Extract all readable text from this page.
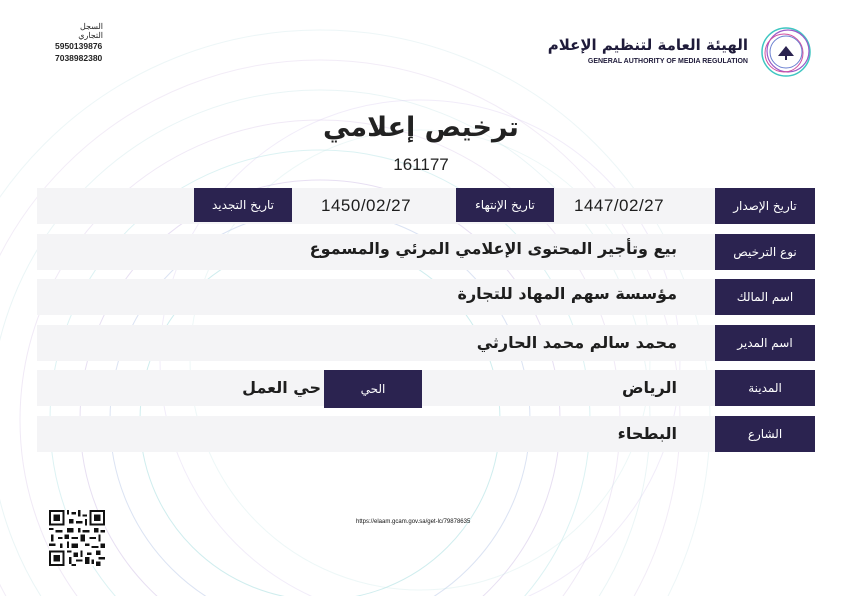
السجل التجاري
5950139876
7038982380
الهيئة العامة لتنظيم الإعلام
GENERAL AUTHORITY OF MEDIA REGULATION
ترخيص إعلامي
161177
تاريخ الإصدار
1447/02/27
تاريخ الإنتهاء
1450/02/27
تاريخ التجديد
نوع الترخيص
بيع وتأجير المحتوى الإعلامي المرئي والمسموع
اسم المالك
مؤسسة سهم المهاد للتجارة
اسم المدير
محمد سالم محمد الحارثي
المدينة
الرياض
الحي
حي العمل
الشارع
البطحاء
https://elaam.gcam.gov.sa/get-lc/79878635
